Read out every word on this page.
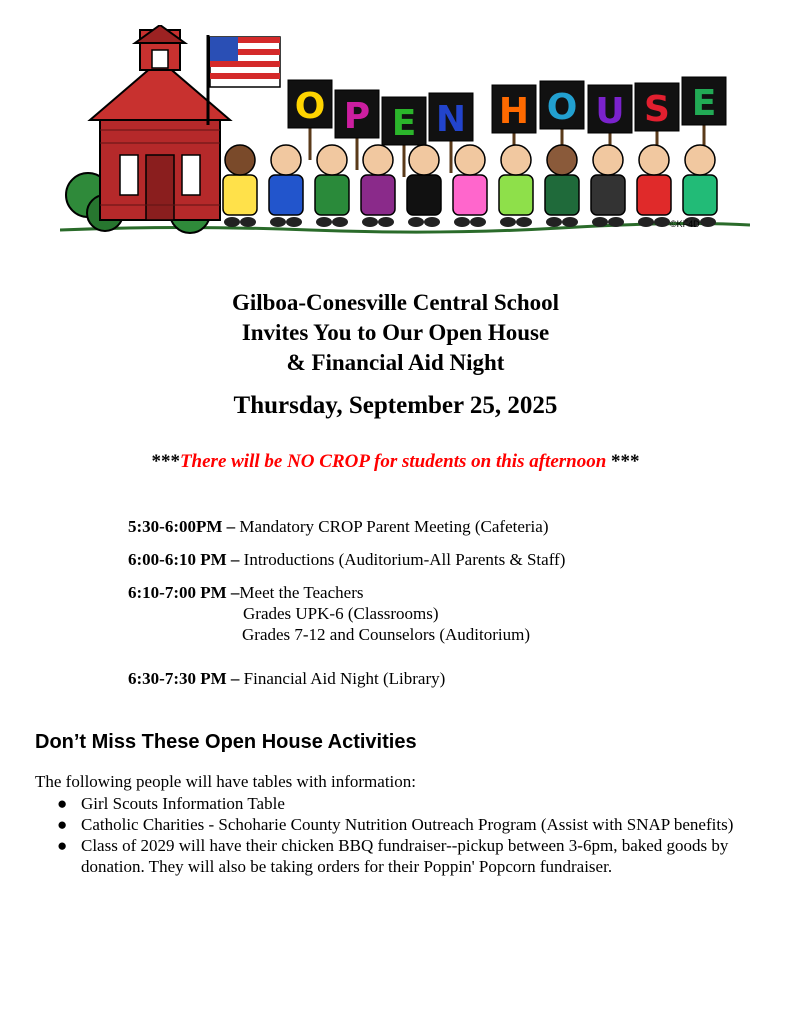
O P E N H O U S E
©KF4D
Gilboa-Conesville Central School
Invites You to Our Open House
& Financial Aid Night
Thursday, September 25, 2025
***There will be NO CROP for students on this afternoon ***
5:30-6:00PM – Mandatory CROP Parent Meeting (Cafeteria)
6:00-6:10 PM – Introductions (Auditorium-All Parents & Staff)
6:10-7:00 PM –Meet the Teachers
Grades UPK-6 (Classrooms)
Grades 7-12 and Counselors (Auditorium)
6:30-7:30 PM – Financial Aid Night (Library)
Don’t Miss These Open House Activities
The following people will have tables with information:
● Girl Scouts Information Table
● Catholic Charities - Schoharie County Nutrition Outreach Program (Assist with SNAP benefits)
● Class of 2029 will have their chicken BBQ fundraiser--pickup between 3-6pm, baked goods by donation. They will also be taking orders for their Poppin' Popcorn fundraiser.
